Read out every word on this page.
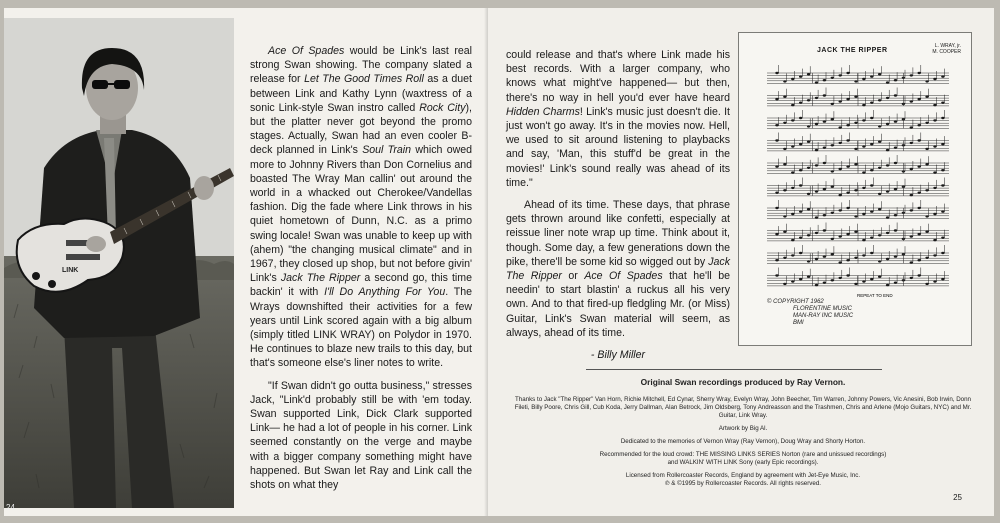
LINK
24

Ace Of Spades would be Link's last real strong Swan showing. The company slated a release for Let The Good Times Roll as a duet between Link and Kathy Lynn (waxtress of a sonic Link-style Swan instro called Rock City), but the platter never got beyond the promo stages. Actually, Swan had an even cooler B-deck planned in Link's Soul Train which owed more to Johnny Rivers than Don Cornelius and boasted The Wray Man callin' out around the world in a whacked out Cherokee/Vandellas fashion. Dig the fade where Link throws in his quiet hometown of Dunn, N.C. as a primo swing locale! Swan was unable to keep up with (ahem) "the changing musical climate" and in 1967, they closed up shop, but not before givin' Link's Jack The Ripper a second go, this time backin' it with I'll Do Anything For You. The Wrays downshifted their activities for a few years until Link scored again with a big album (simply titled LINK WRAY) on Polydor in 1970. He continues to blaze new trails to this day, but that's someone else's liner notes to write.

"If Swan didn't go outta business," stresses Jack, "Link'd probably still be with 'em today. Swan supported Link, Dick Clark supported Link— he had a lot of people in his corner. Link seemed constantly on the verge and maybe with a bigger company something might have happened. But Swan let Ray and Link call the shots on what they

could release and that's where Link made his best records. With a larger company, who knows what might've happened— but then, there's no way in hell you'd ever have heard Hidden Charms! Link's music just doesn't die. It just won't go away. It's in the movies now. Hell, we used to sit around listening to playbacks and say, 'Man, this stuff'd be great in the movies!' Link's sound really was ahead of its time."

Ahead of its time. These days, that phrase gets thrown around like confetti, especially at reissue liner note wrap up time. Think about it, though. Some day, a few generations down the pike, there'll be some kid so wigged out by Jack The Ripper or Ace Of Spades that he'll be needin' to start blastin' a ruckus all his very own. And to that fired-up fledgling Mr. (or Miss) Guitar, Link's Swan material will seem, as always, ahead of its time.

- Billy Miller
JACK THE RIPPER
L. WRAY, jr.
M. COOPER
REPEAT TO END
© COPYRIGHT 1962
FLORENTINE MUSIC
MAN-RAY INC MUSIC
BMI
Original Swan recordings produced by Ray Vernon.

Thanks to Jack "The Ripper" Van Horn, Richie Mitchell, Ed Cynar, Sherry Wray, Evelyn Wray, John Beecher, Tim Warren, Johnny Powers, Vic Anesini, Bob Irwin, Donn Fileti, Billy Poore, Chris Gill, Cub Koda, Jerry Dallman, Alan Betrock, Jim Oldsberg, Tony Andreasson and the Trashmen, Chris and Arlene (Mojo Guitars, NYC) and Mr. Guitar, Link Wray.

Artwork by Big Al.

Dedicated to the memories of Vernon Wray (Ray Vernon), Doug Wray and Shorty Horton.

Recommended for the loud crowd: THE MISSING LINKS SERIES Norton (rare and unissued recordings)
and WALKIN' WITH LINK Sony (early Epic recordings).

Licensed from Rollercoaster Records, England by agreement with Jet-Eye Music, Inc.
℗ & ©1995 by Rollercoaster Records. All rights reserved.

25
